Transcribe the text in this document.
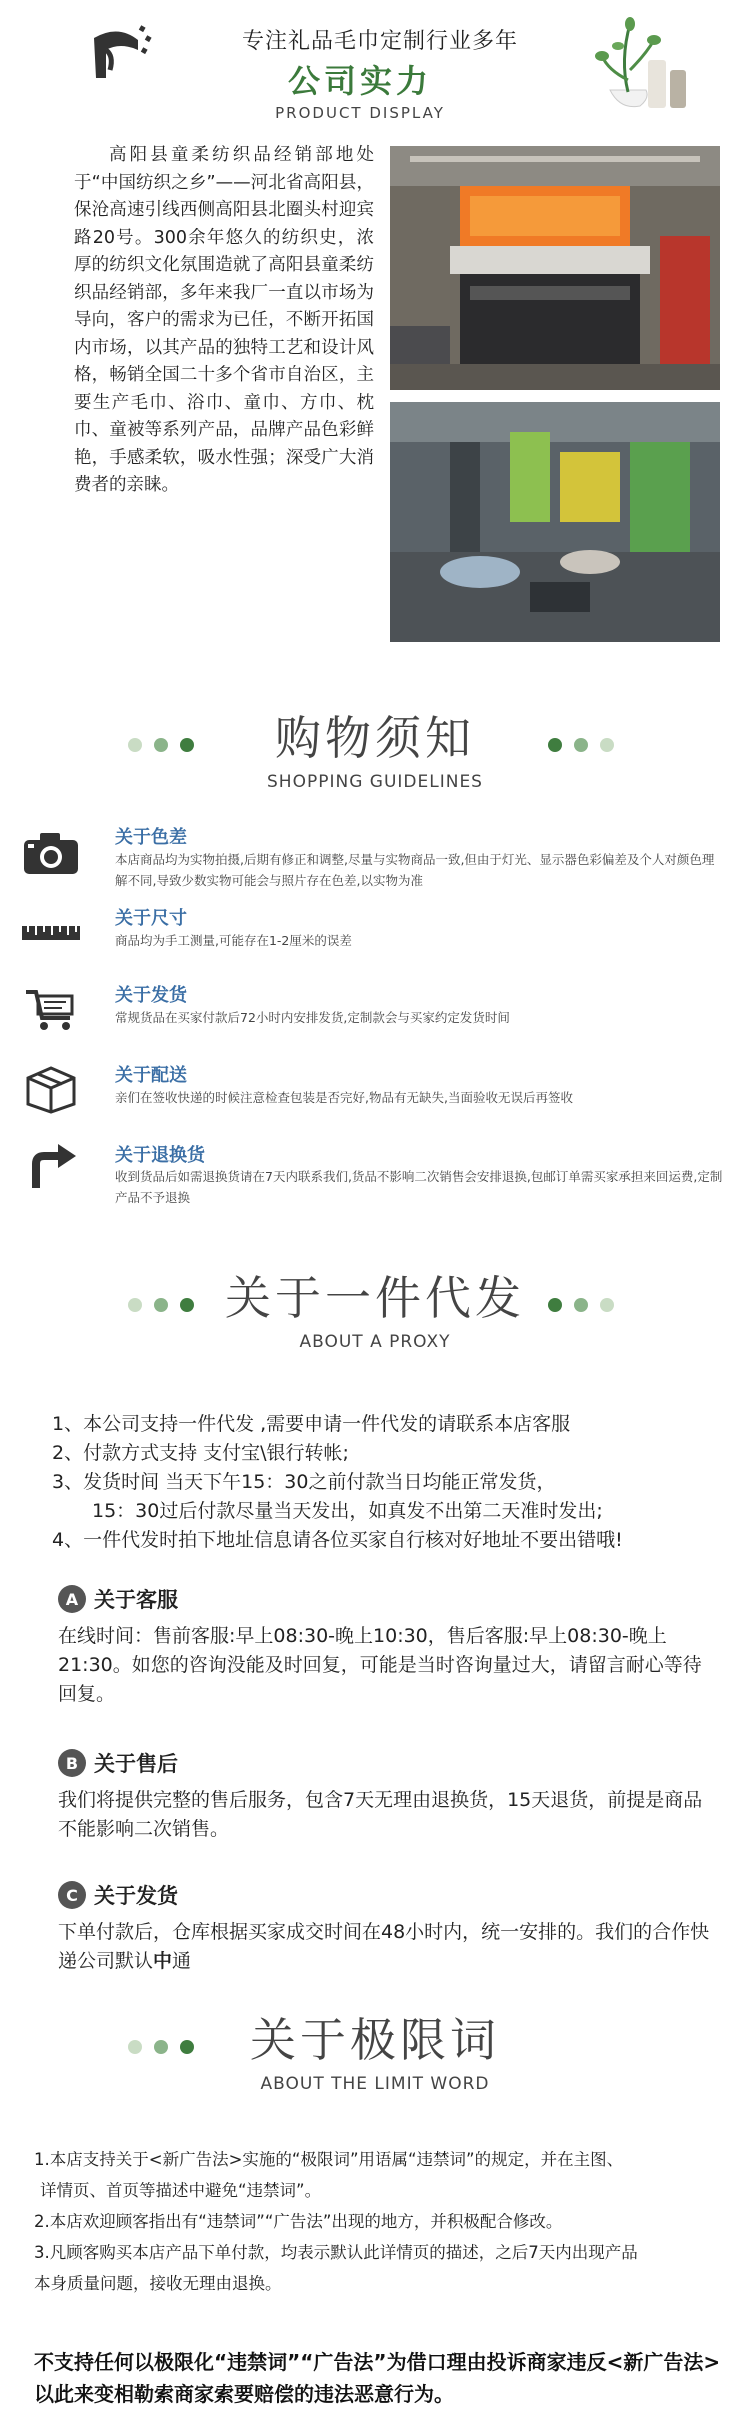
专注礼品毛巾定制行业多年
公司实力
PRODUCT DISPLAY
高阳县童柔纺织品经销部地处于“中国纺织之乡”——河北省高阳县，保沧高速引线西侧高阳县北圈头村迎宾路20号。300余年悠久的纺织史，浓厚的纺织文化氛围造就了高阳县童柔纺织品经销部，多年来我厂一直以市场为导向，客户的需求为已任，不断开拓国内市场，以其产品的独特工艺和设计风格，畅销全国二十多个省市自治区，主要生产毛巾、浴巾、童巾、方巾、枕巾、童被等系列产品，品牌产品色彩鲜艳，手感柔软，吸水性强；深受广大消费者的亲睐。
购物须知
SHOPPING GUIDELINES
关于色差
本店商品均为实物拍摄,后期有修正和调整,尽量与实物商品一致,但由于灯光、显示器色彩偏差及个人对颜色理解不同,导致少数实物可能会与照片存在色差,以实物为准
关于尺寸
商品均为手工测量,可能存在1-2厘米的误差
关于发货
常规货品在买家付款后72小时内安排发货,定制款会与买家约定发货时间
关于配送
亲们在签收快递的时候注意检查包装是否完好,物品有无缺失,当面验收无误后再签收
关于退换货
收到货品后如需退换货请在7天内联系我们,货品不影响二次销售会安排退换,包邮订单需买家承担来回运费,定制产品不予退换
关于一件代发
ABOUT A PROXY
1、本公司支持一件代发 ,需要申请一件代发的请联系本店客服
2、付款方式支持 支付宝\银行转帐;
3、发货时间 当天下午15：30之前付款当日均能正常发货，
15：30过后付款尽量当天发出，如真发不出第二天准时发出;
4、一件代发时拍下地址信息请各位买家自行核对好地址不要出错哦!
A 关于客服
在线时间：售前客服:早上08:30-晚上10:30，售后客服:早上08:30-晚上21:30。如您的咨询没能及时回复，可能是当时咨询量过大，请留言耐心等待回复。
B 关于售后
我们将提供完整的售后服务，包含7天无理由退换货，15天退货，前提是商品不能影响二次销售。
C 关于发货
下单付款后，仓库根据买家成交时间在48小时内，统一安排的。我们的合作快递公司默认中通
关于极限词
ABOUT THE LIMIT WORD
1.本店支持关于<新广告法>实施的“极限词”用语属“违禁词”的规定，并在主图、
详情页、首页等描述中避免“违禁词”。
2.本店欢迎顾客指出有“违禁词”“广告法”出现的地方，并积极配合修改。
3.凡顾客购买本店产品下单付款，均表示默认此详情页的描述，之后7天内出现产品
本身质量问题，接收无理由退换。
不支持任何以极限化“违禁词”“广告法”为借口理由投诉商家违反<新广告法>以此来变相勒索商家索要赔偿的违法恶意行为。
